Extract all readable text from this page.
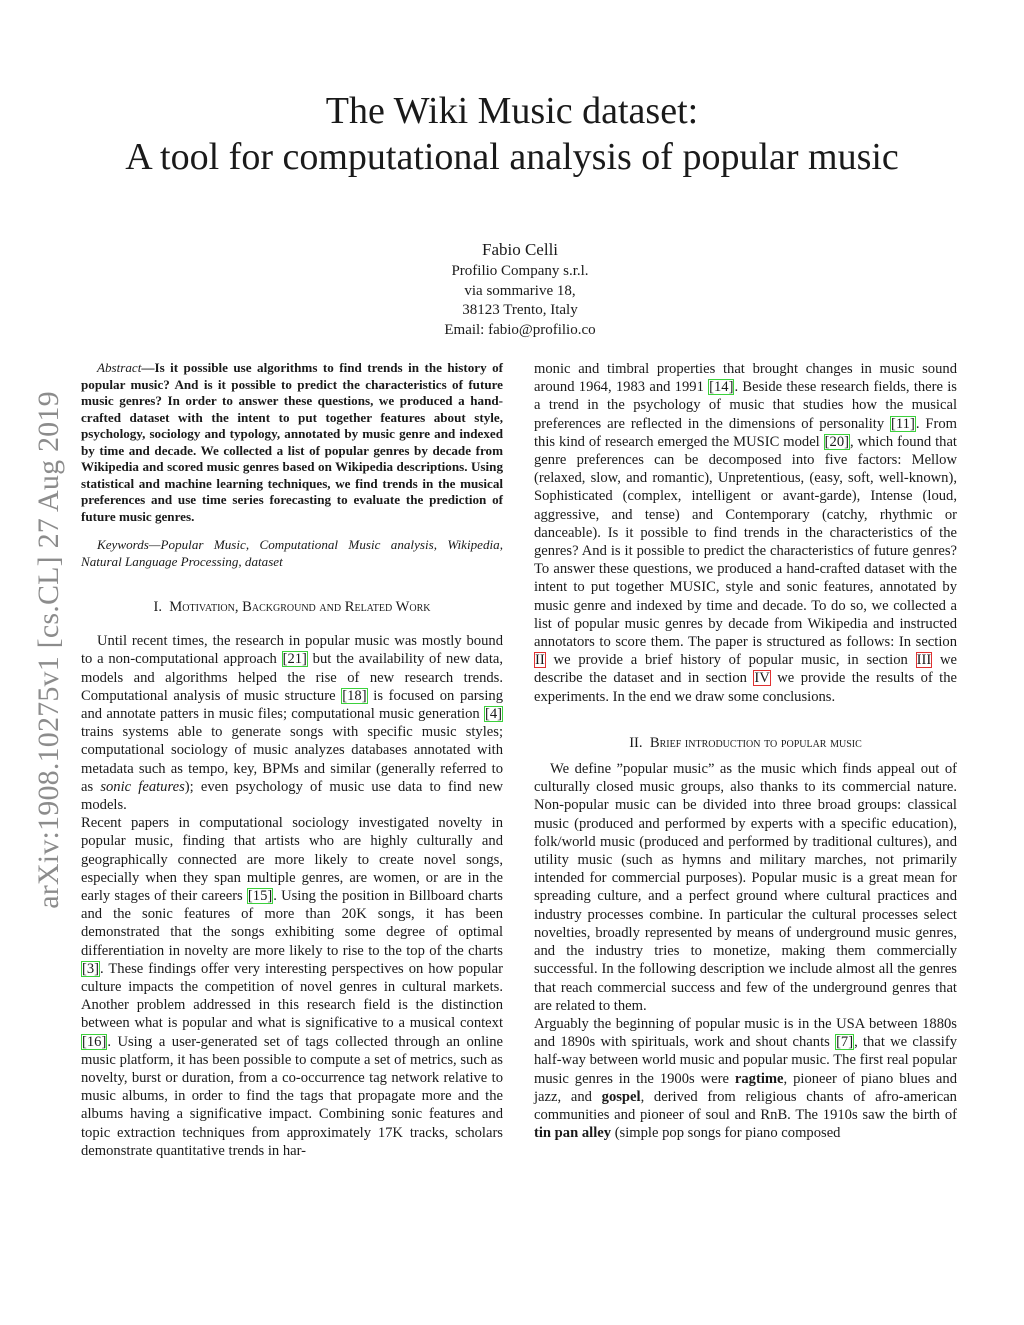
arXiv:1908.10275v1 [cs.CL] 27 Aug 2019
The Wiki Music dataset:
A tool for computational analysis of popular music
Fabio Celli
Profilio Company s.r.l.
via sommarive 18,
38123 Trento, Italy
Email: fabio@profilio.co

Abstract—Is it possible use algorithms to find trends in the history of popular music? And is it possible to predict the characteristics of future music genres? In order to answer these questions, we produced a hand-crafted dataset with the intent to put together features about style, psychology, sociology and typology, annotated by music genre and indexed by time and decade. We collected a list of popular genres by decade from Wikipedia and scored music genres based on Wikipedia descriptions. Using statistical and machine learning techniques, we find trends in the musical preferences and use time series forecasting to evaluate the prediction of future music genres.

Keywords—Popular Music, Computational Music analysis, Wikipedia, Natural Language Processing, dataset

I. Motivation, Background and Related Work

Until recent times, the research in popular music was mostly bound to a non-computational approach [21] but the availability of new data, models and algorithms helped the rise of new research trends. Computational analysis of music structure [18] is focused on parsing and annotate patters in music files; computational music generation [4] trains systems able to generate songs with specific music styles; computational sociology of music analyzes databases annotated with metadata such as tempo, key, BPMs and similar (generally referred to as sonic features); even psychology of music use data to find new models.

Recent papers in computational sociology investigated novelty in popular music, finding that artists who are highly culturally and geographically connected are more likely to create novel songs, especially when they span multiple genres, are women, or are in the early stages of their careers [15]. Using the position in Billboard charts and the sonic features of more than 20K songs, it has been demonstrated that the songs exhibiting some degree of optimal differentiation in novelty are more likely to rise to the top of the charts [3]. These findings offer very interesting perspectives on how popular culture impacts the competition of novel genres in cultural markets. Another problem addressed in this research field is the distinction between what is popular and what is significative to a musical context [16]. Using a user-generated set of tags collected through an online music platform, it has been possible to compute a set of metrics, such as novelty, burst or duration, from a co-occurrence tag network relative to music albums, in order to find the tags that propagate more and the albums having a significative impact. Combining sonic features and topic extraction techniques from approximately 17K tracks, scholars demonstrate quantitative trends in har-

monic and timbral properties that brought changes in music sound around 1964, 1983 and 1991 [14]. Beside these research fields, there is a trend in the psychology of music that studies how the musical preferences are reflected in the dimensions of personality [11]. From this kind of research emerged the MUSIC model [20], which found that genre preferences can be decomposed into five factors: Mellow (relaxed, slow, and romantic), Unpretentious, (easy, soft, well-known), Sophisticated (complex, intelligent or avant-garde), Intense (loud, aggressive, and tense) and Contemporary (catchy, rhythmic or danceable). Is it possible to find trends in the characteristics of the genres? And is it possible to predict the characteristics of future genres? To answer these questions, we produced a hand-crafted dataset with the intent to put together MUSIC, style and sonic features, annotated by music genre and indexed by time and decade. To do so, we collected a list of popular music genres by decade from Wikipedia and instructed annotators to score them. The paper is structured as follows: In section II we provide a brief history of popular music, in section III we describe the dataset and in section IV we provide the results of the experiments. In the end we draw some conclusions.

II. Brief introduction to popular music

We define ”popular music” as the music which finds appeal out of culturally closed music groups, also thanks to its commercial nature. Non-popular music can be divided into three broad groups: classical music (produced and performed by experts with a specific education), folk/world music (produced and performed by traditional cultures), and utility music (such as hymns and military marches, not primarily intended for commercial purposes). Popular music is a great mean for spreading culture, and a perfect ground where cultural practices and industry processes combine. In particular the cultural processes select novelties, broadly represented by means of underground music genres, and the industry tries to monetize, making them commercially successful. In the following description we include almost all the genres that reach commercial success and few of the underground genres that are related to them.

Arguably the beginning of popular music is in the USA between 1880s and 1890s with spirituals, work and shout chants [7], that we classify half-way between world music and popular music. The first real popular music genres in the 1900s were ragtime, pioneer of piano blues and jazz, and gospel, derived from religious chants of afro-american communities and pioneer of soul and RnB. The 1910s saw the birth of tin pan alley (simple pop songs for piano composed
